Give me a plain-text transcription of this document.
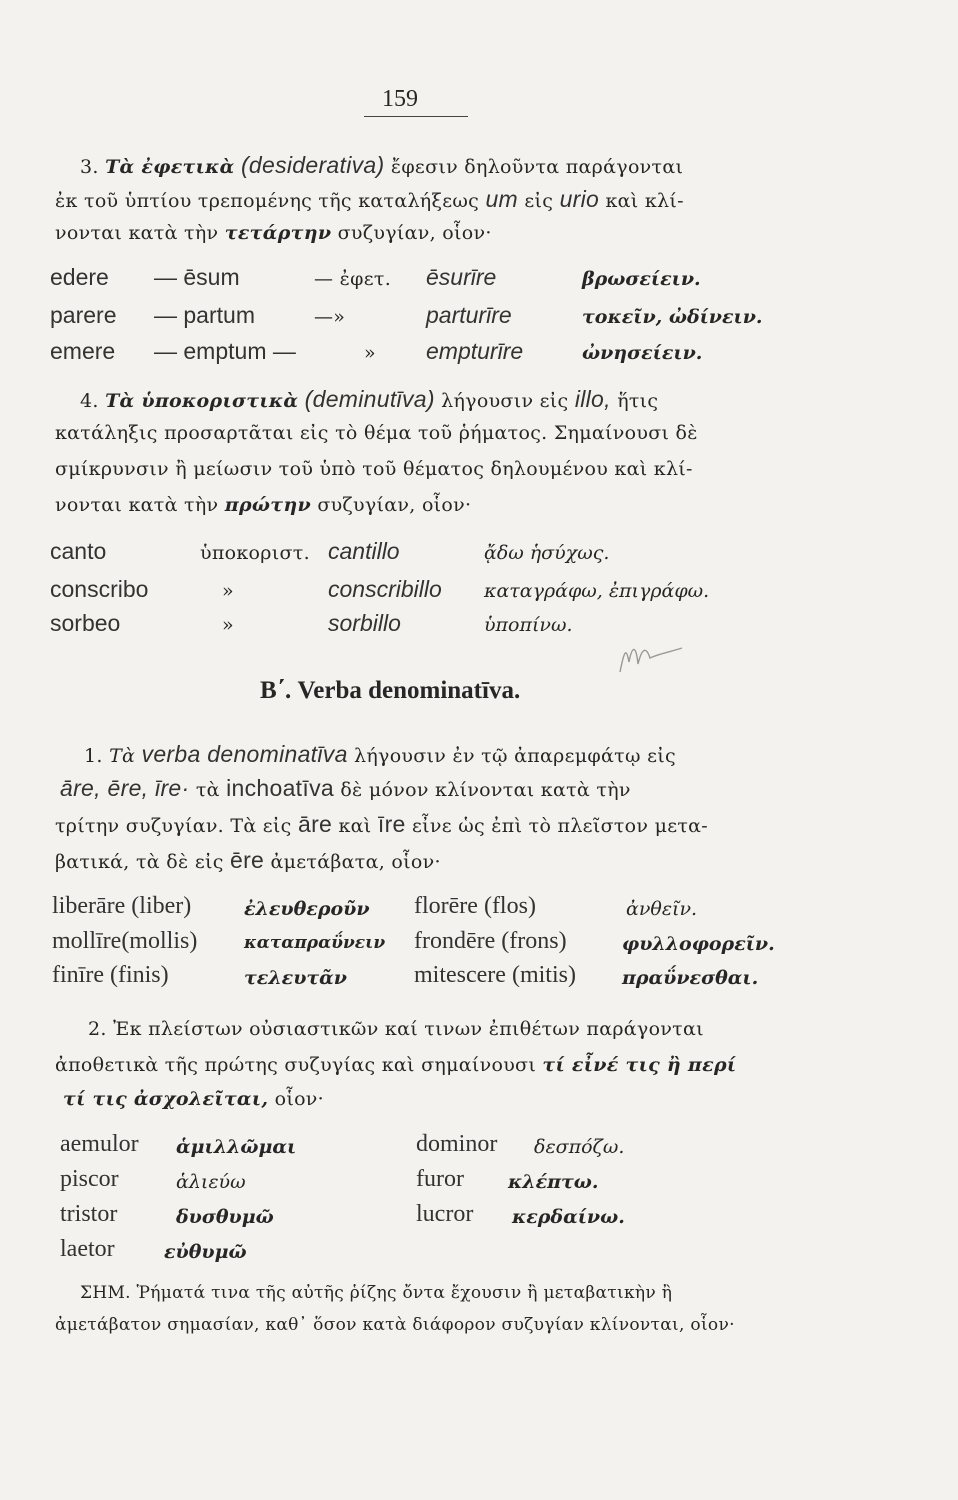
159
3. Τὰ ἐφετικὰ (desiderativa) ἔφεσιν δηλοῦντα παράγονται
ἐκ τοῦ ὑπτίου τρεπομένης τῆς καταλήξεως um εἰς urio καὶ κλί-
νονται κατὰ τὴν τετάρτην συζυγίαν, οἷον·
edere — ēsum	— ἐφετ. ēsurīre	βρωσείειν.
parere — partum	—»	parturīre	τοκεῖν, ὠδίνειν.
emere — emptum —	» empturīre	ὠνησείειν.
4. Τὰ ὑποκοριστικὰ (deminutīva) λήγουσιν εἰς illo, ἥτις
κατάληξις προσαρτᾶται εἰς τὸ θέμα τοῦ ῥήματος. Σημαίνουσι δὲ
σμίκρυνσιν ἢ μείωσιν τοῦ ὑπὸ τοῦ θέματος δηλουμένου καὶ κλί-
νονται κατὰ τὴν πρώτην συζυγίαν, οἷον·
canto	ὑποκοριστ. cantillo	ᾄδω ἡσύχως.
conscribo	»	conscribillo καταγράφω, ἐπιγράφω.
sorbeo	»	sorbillo	ὑποπίνω.
Β΄. Verba denominatīva.
1. Τὰ verba denominatīva λήγουσιν ἐν τῷ ἀπαρεμφάτῳ εἰς
āre, ēre, īre· τὰ inchoatīva δὲ μόνον κλίνονται κατὰ τὴν
τρίτην συζυγίαν. Τὰ εἰς āre καὶ īre εἶνε ὡς ἐπὶ τὸ πλεῖστον μετα-
βατικά, τὰ δὲ εἰς ēre ἀμετάβατα, οἷον·
liberāre (liber)	ἐλευθεροῦν florēre (flos)	ἀνθεῖν.
mollīre(mollis)	καταπραΰνειν frondēre (frons)	φυλλοφορεῖν.
finīre (finis)	τελευτᾶν	mitescere (mitis) πραΰνεσθαι.
2. Ἐκ πλείστων οὐσιαστικῶν καί τινων ἐπιθέτων παράγονται
ἀποθετικὰ τῆς πρώτης συζυγίας καὶ σημαίνουσι τί εἶνέ τις ἢ περί
τί τις ἀσχολεῖται, οἷον·
aemulor ἁμιλλῶμαι	dominor δεσπόζω.
piscor	ἁλιεύω	furor κλέπτω.
tristor	δυσθυμῶ	lucror κερδαίνω.
laetor	εὐθυμῶ
ΣΗΜ. Ῥήματά τινα τῆς αὐτῆς ῥίζης ὄντα ἔχουσιν ἢ μεταβατικὴν ἢ
ἀμετάβατον σημασίαν, καθ᾽ ὅσον κατὰ διάφορον συζυγίαν κλίνονται, οἷον·
